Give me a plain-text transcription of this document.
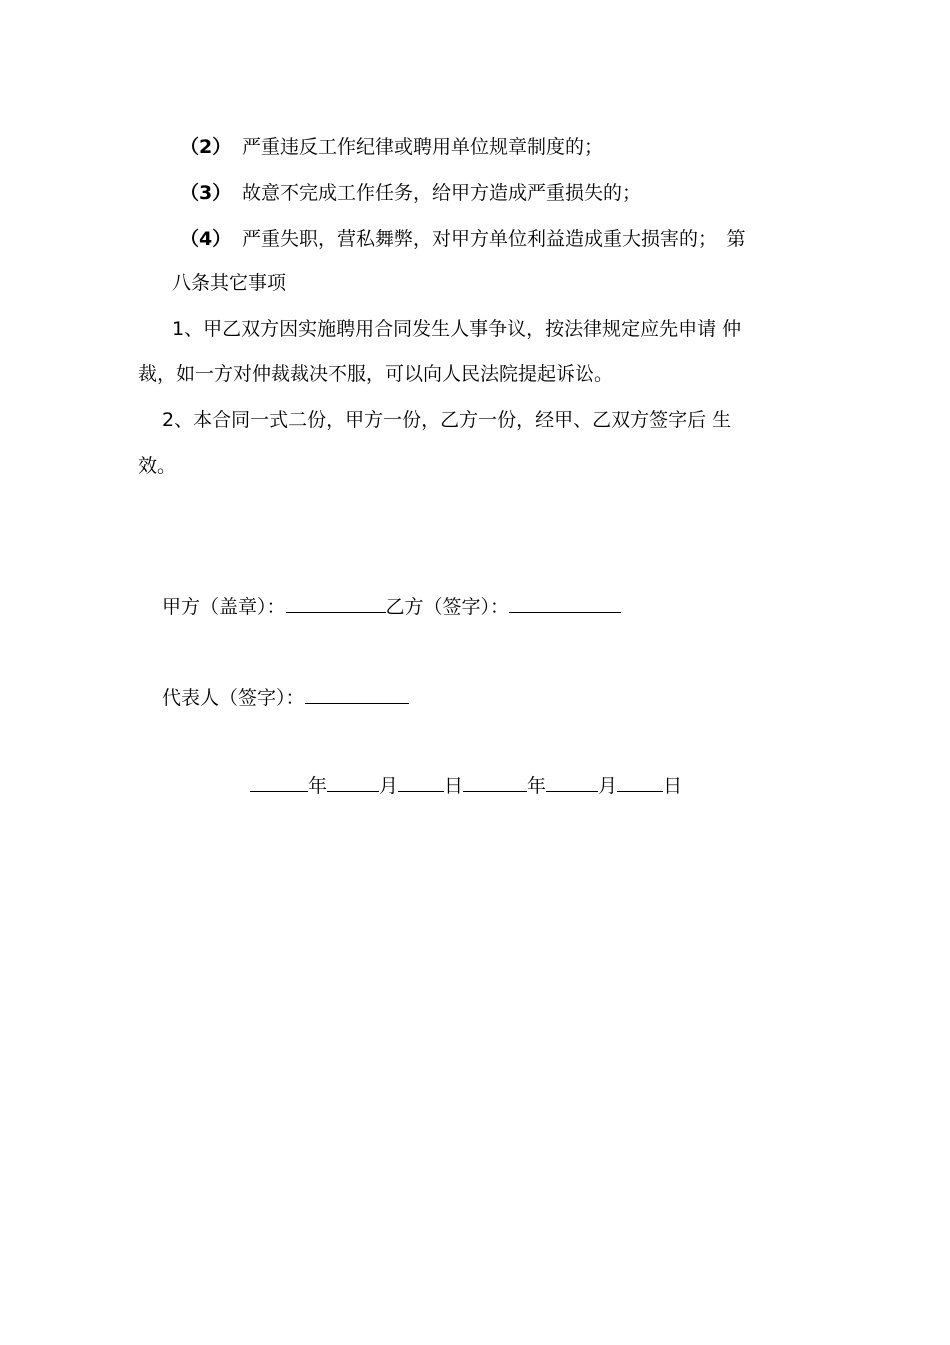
（2） 严重违反工作纪律或聘用单位规章制度的；
（3） 故意不完成工作任务，给甲方造成严重损失的；
（4） 严重失职，营私舞弊，对甲方单位利益造成重大损害的；　第
八条其它事项
1、甲乙双方因实施聘用合同发生人事争议，按法律规定应先申请 仲
裁，如一方对仲裁裁决不服，可以向人民法院提起诉讼。
2、本合同一式二份，甲方一份，乙方一份，经甲、乙双方签字后 生
效。
甲方（盖章）：	乙方（签字）：
代表人（签字）：
年	月 日	年	月 日
